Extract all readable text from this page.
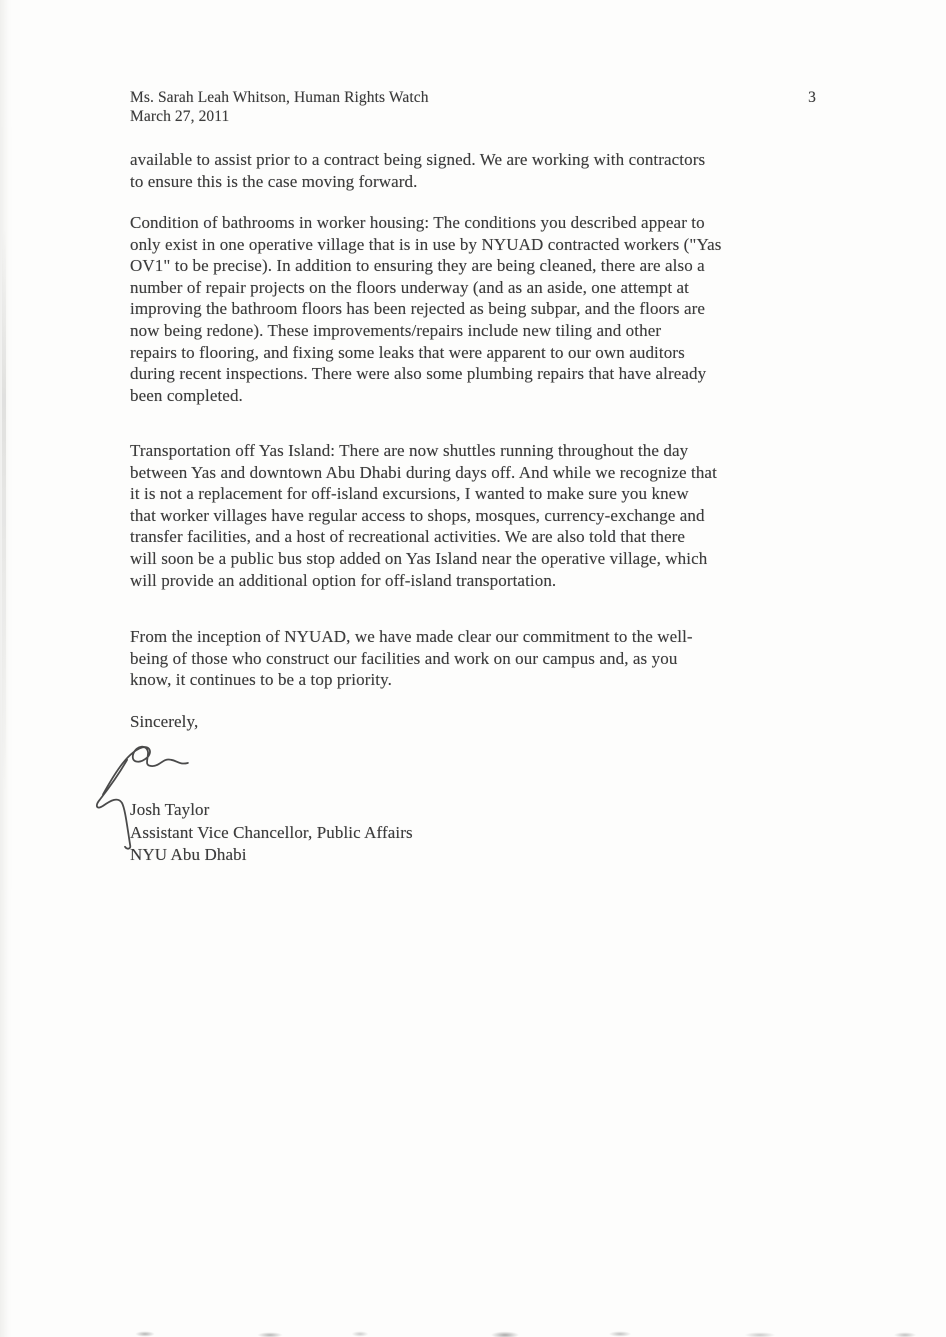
Ms. Sarah Leah Whitson, Human Rights Watch
March 27, 2011
3
available to assist prior to a contract being signed. We are working with contractors
to ensure this is the case moving forward.
Condition of bathrooms in worker housing: The conditions you described appear to
only exist in one operative village that is in use by NYUAD contracted workers ("Yas
OV1" to be precise). In addition to ensuring they are being cleaned, there are also a
number of repair projects on the floors underway (and as an aside, one attempt at
improving the bathroom floors has been rejected as being subpar, and the floors are
now being redone). These improvements/repairs include new tiling and other
repairs to flooring, and fixing some leaks that were apparent to our own auditors
during recent inspections. There were also some plumbing repairs that have already
been completed.
Transportation off Yas Island: There are now shuttles running throughout the day
between Yas and downtown Abu Dhabi during days off. And while we recognize that
it is not a replacement for off-island excursions, I wanted to make sure you knew
that worker villages have regular access to shops, mosques, currency-exchange and
transfer facilities, and a host of recreational activities. We are also told that there
will soon be a public bus stop added on Yas Island near the operative village, which
will provide an additional option for off-island transportation.
From the inception of NYUAD, we have made clear our commitment to the well-
being of those who construct our facilities and work on our campus and, as you
know, it continues to be a top priority.
Sincerely,
Josh Taylor
Assistant Vice Chancellor, Public Affairs
NYU Abu Dhabi
